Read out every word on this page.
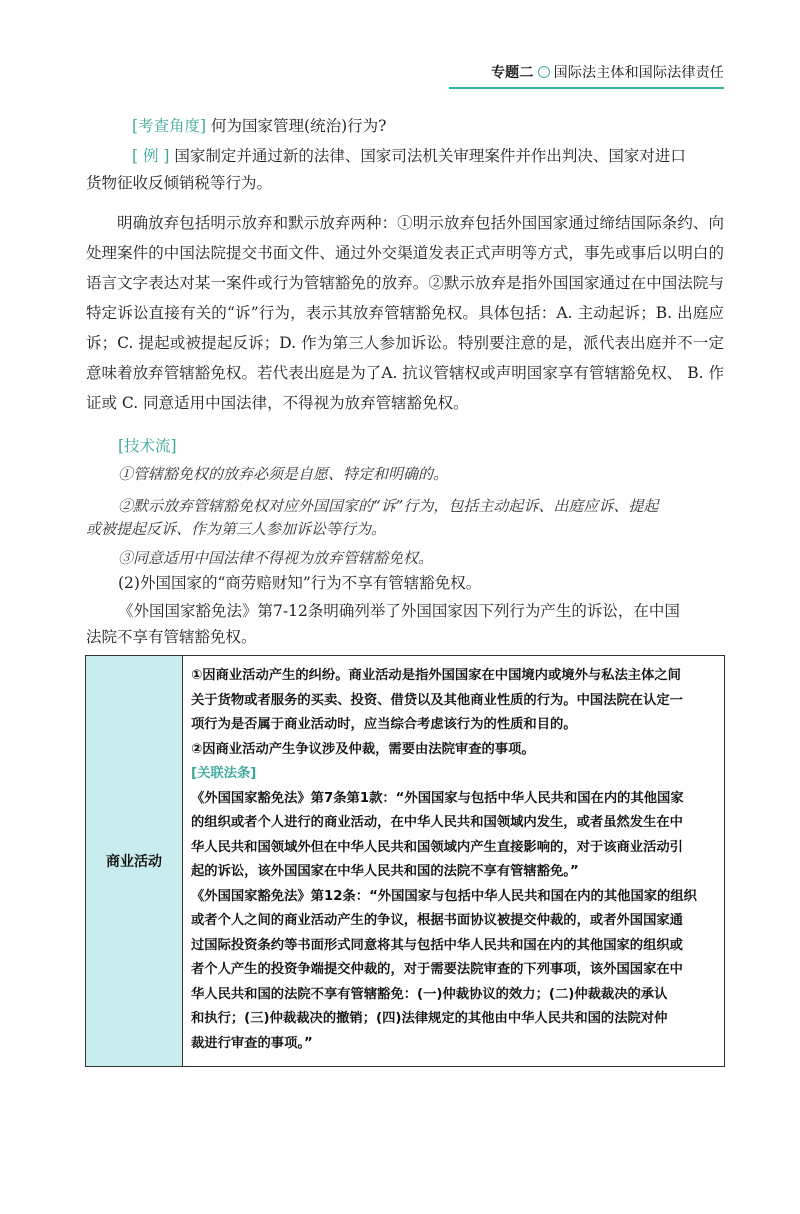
专题二 国际法主体和国际法律责任
[考查角度] 何为国家管理(统治)行为?
[ 例 ] 国家制定并通过新的法律、国家司法机关审理案件并作出判决、国家对进口
货物征收反倾销税等行为。
明确放弃包括明示放弃和默示放弃两种：①明示放弃包括外国国家通过缔结国际条约、向处理案件的中国法院提交书面文件、通过外交渠道发表正式声明等方式，事先或事后以明白的语言文字表达对某一案件或行为管辖豁免的放弃。②默示放弃是指外国国家通过在中国法院与特定诉讼直接有关的“诉”行为，表示其放弃管辖豁免权。具体包括：A. 主动起诉；B. 出庭应诉；C. 提起或被提起反诉；D. 作为第三人参加诉讼。特别要注意的是，派代表出庭并不一定意味着放弃管辖豁免权。若代表出庭是为了A. 抗议管辖权或声明国家享有管辖豁免权、 B. 作证或 C. 同意适用中国法律，不得视为放弃管辖豁免权。
[技术流]
①管辖豁免权的放弃必须是自愿、特定和明确的。
②默示放弃管辖豁免权对应外国国家的“诉”行为，包括主动起诉、出庭应诉、提起
或被提起反诉、作为第三人参加诉讼等行为。
③同意适用中国法律不得视为放弃管辖豁免权。
(2)外国国家的“商劳赔财知”行为不享有管辖豁免权。
《外国国家豁免法》第7-12条明确列举了外国国家因下列行为产生的诉讼，在中国
法院不享有管辖豁免权。
商业活动	
①因商业活动产生的纠纷。商业活动是指外国国家在中国境内或境外与私法主体之间
关于货物或者服务的买卖、投资、借贷以及其他商业性质的行为。中国法院在认定一
项行为是否属于商业活动时，应当综合考虑该行为的性质和目的。
②因商业活动产生争议涉及仲裁，需要由法院审查的事项。
[关联法条]
《外国国家豁免法》第7条第1款：“外国国家与包括中华人民共和国在内的其他国家
的组织或者个人进行的商业活动，在中华人民共和国领域内发生，或者虽然发生在中
华人民共和国领域外但在中华人民共和国领域内产生直接影响的，对于该商业活动引
起的诉讼，该外国国家在中华人民共和国的法院不享有管辖豁免。”
《外国国家豁免法》第12条：“外国国家与包括中华人民共和国在内的其他国家的组织
或者个人之间的商业活动产生的争议，根据书面协议被提交仲裁的，或者外国国家通
过国际投资条约等书面形式同意将其与包括中华人民共和国在内的其他国家的组织或
者个人产生的投资争端提交仲裁的，对于需要法院审查的下列事项，该外国国家在中
华人民共和国的法院不享有管辖豁免：(一)仲裁协议的效力；(二)仲裁裁决的承认
和执行；(三)仲裁裁决的撤销；(四)法律规定的其他由中华人民共和国的法院对仲
裁进行审查的事项。”
